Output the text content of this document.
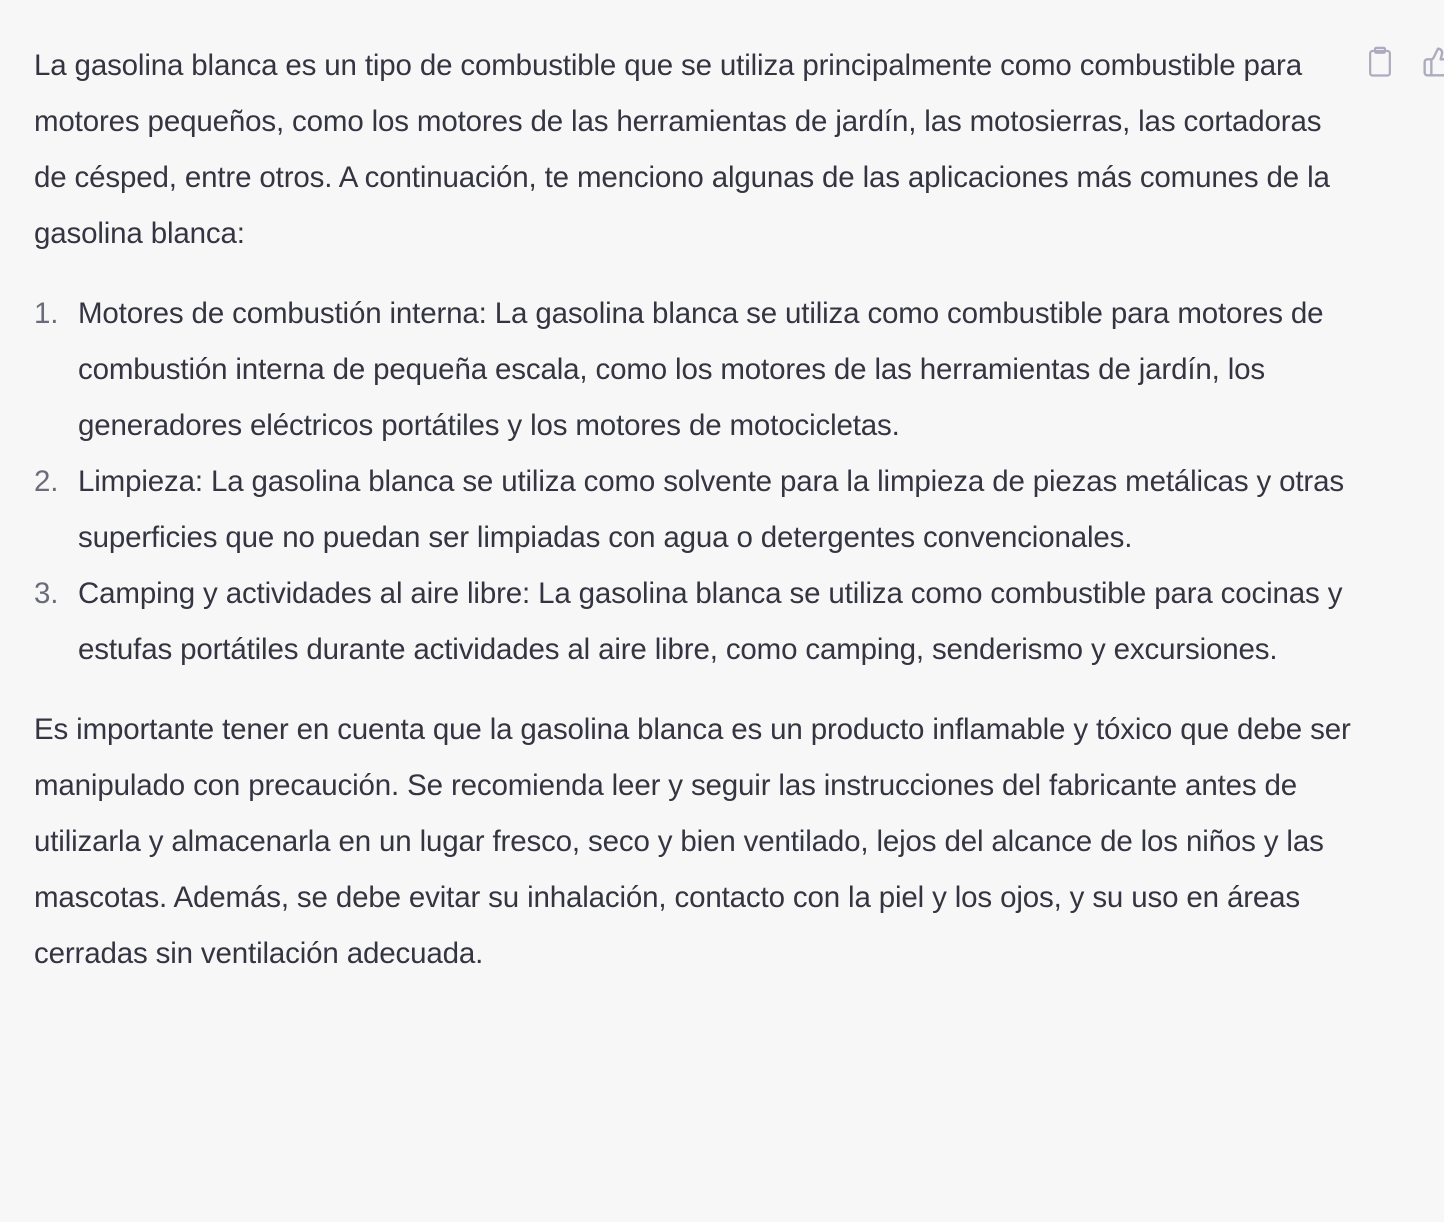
La gasolina blanca es un tipo de combustible que se utiliza principalmente como combustible para motores pequeños, como los motores de las herramientas de jardín, las motosierras, las cortadoras de césped, entre otros. A continuación, te menciono algunas de las aplicaciones más comunes de la gasolina blanca:

1. Motores de combustión interna: La gasolina blanca se utiliza como combustible para motores de combustión interna de pequeña escala, como los motores de las herramientas de jardín, los generadores eléctricos portátiles y los motores de motocicletas.
2. Limpieza: La gasolina blanca se utiliza como solvente para la limpieza de piezas metálicas y otras superficies que no puedan ser limpiadas con agua o detergentes convencionales.
3. Camping y actividades al aire libre: La gasolina blanca se utiliza como combustible para cocinas y estufas portátiles durante actividades al aire libre, como camping, senderismo y excursiones.

Es importante tener en cuenta que la gasolina blanca es un producto inflamable y tóxico que debe ser manipulado con precaución. Se recomienda leer y seguir las instrucciones del fabricante antes de utilizarla y almacenarla en un lugar fresco, seco y bien ventilado, lejos del alcance de los niños y las mascotas. Además, se debe evitar su inhalación, contacto con la piel y los ojos, y su uso en áreas cerradas sin ventilación adecuada.
